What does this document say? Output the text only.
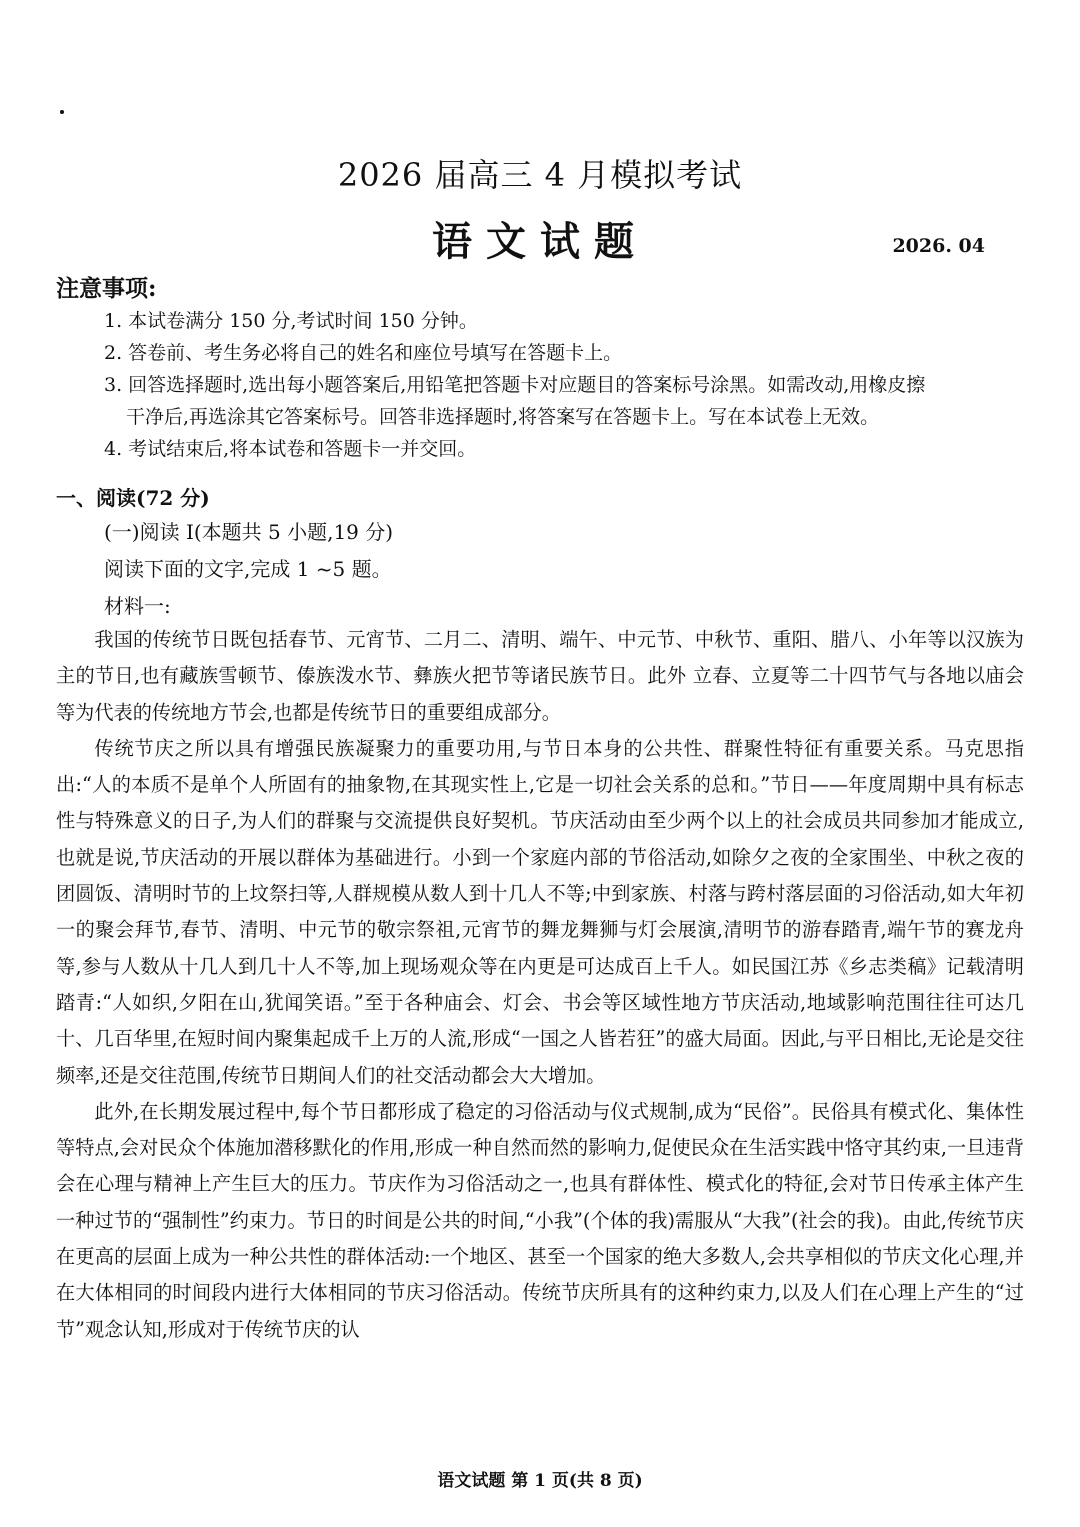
2026 届高三 4 月模拟考试
语文试题	2026. 04
注意事项:
1. 本试卷满分 150 分,考试时间 150 分钟。
2. 答卷前、考生务必将自己的姓名和座位号填写在答题卡上。
3. 回答选择题时,选出每小题答案后,用铅笔把答题卡对应题目的答案标号涂黑。如需改动,用橡皮擦
干净后,再选涂其它答案标号。回答非选择题时,将答案写在答题卡上。写在本试卷上无效。
4. 考试结束后,将本试卷和答题卡一并交回。
一、阅读(72 分)
(一)阅读 I(本题共 5 小题,19 分)
阅读下面的文字,完成 1 ~5 题。
材料一:

我国的传统节日既包括春节、元宵节、二月二、清明、端午、中元节、中秋节、重阳、腊八、小年等以汉族为主的节日,也有藏族雪顿节、傣族泼水节、彝族火把节等诸民族节日。此外 立春、立夏等二十四节气与各地以庙会等为代表的传统地方节会,也都是传统节日的重要组成部分。

传统节庆之所以具有增强民族凝聚力的重要功用,与节日本身的公共性、群聚性特征有重要关系。马克思指出:“人的本质不是单个人所固有的抽象物,在其现实性上,它是一切社会关系的总和。”节日——年度周期中具有标志性与特殊意义的日子,为人们的群聚与交流提供良好契机。节庆活动由至少两个以上的社会成员共同参加才能成立,也就是说,节庆活动的开展以群体为基础进行。小到一个家庭内部的节俗活动,如除夕之夜的全家围坐、中秋之夜的团圆饭、清明时节的上坟祭扫等,人群规模从数人到十几人不等;中到家族、村落与跨村落层面的习俗活动,如大年初一的聚会拜节,春节、清明、中元节的敬宗祭祖,元宵节的舞龙舞狮与灯会展演,清明节的游春踏青,端午节的赛龙舟等,参与人数从十几人到几十人不等,加上现场观众等在内更是可达成百上千人。如民国江苏《乡志类稿》记载清明踏青:“人如织,夕阳在山,犹闻笑语。”至于各种庙会、灯会、书会等区域性地方节庆活动,地域影响范围往往可达几十、几百华里,在短时间内聚集起成千上万的人流,形成“一国之人皆若狂”的盛大局面。因此,与平日相比,无论是交往频率,还是交往范围,传统节日期间人们的社交活动都会大大增加。

此外,在长期发展过程中,每个节日都形成了稳定的习俗活动与仪式规制,成为“民俗”。民俗具有模式化、集体性等特点,会对民众个体施加潜移默化的作用,形成一种自然而然的影响力,促使民众在生活实践中恪守其约束,一旦违背会在心理与精神上产生巨大的压力。节庆作为习俗活动之一,也具有群体性、模式化的特征,会对节日传承主体产生一种过节的“强制性”约束力。节日的时间是公共的时间,“小我”(个体的我)需服从“大我”(社会的我)。由此,传统节庆在更高的层面上成为一种公共性的群体活动:一个地区、甚至一个国家的绝大多数人,会共享相似的节庆文化心理,并在大体相同的时间段内进行大体相同的节庆习俗活动。传统节庆所具有的这种约束力,以及人们在心理上产生的“过节”观念认知,形成对于传统节庆的认

语文试题 第 1 页(共 8 页)
